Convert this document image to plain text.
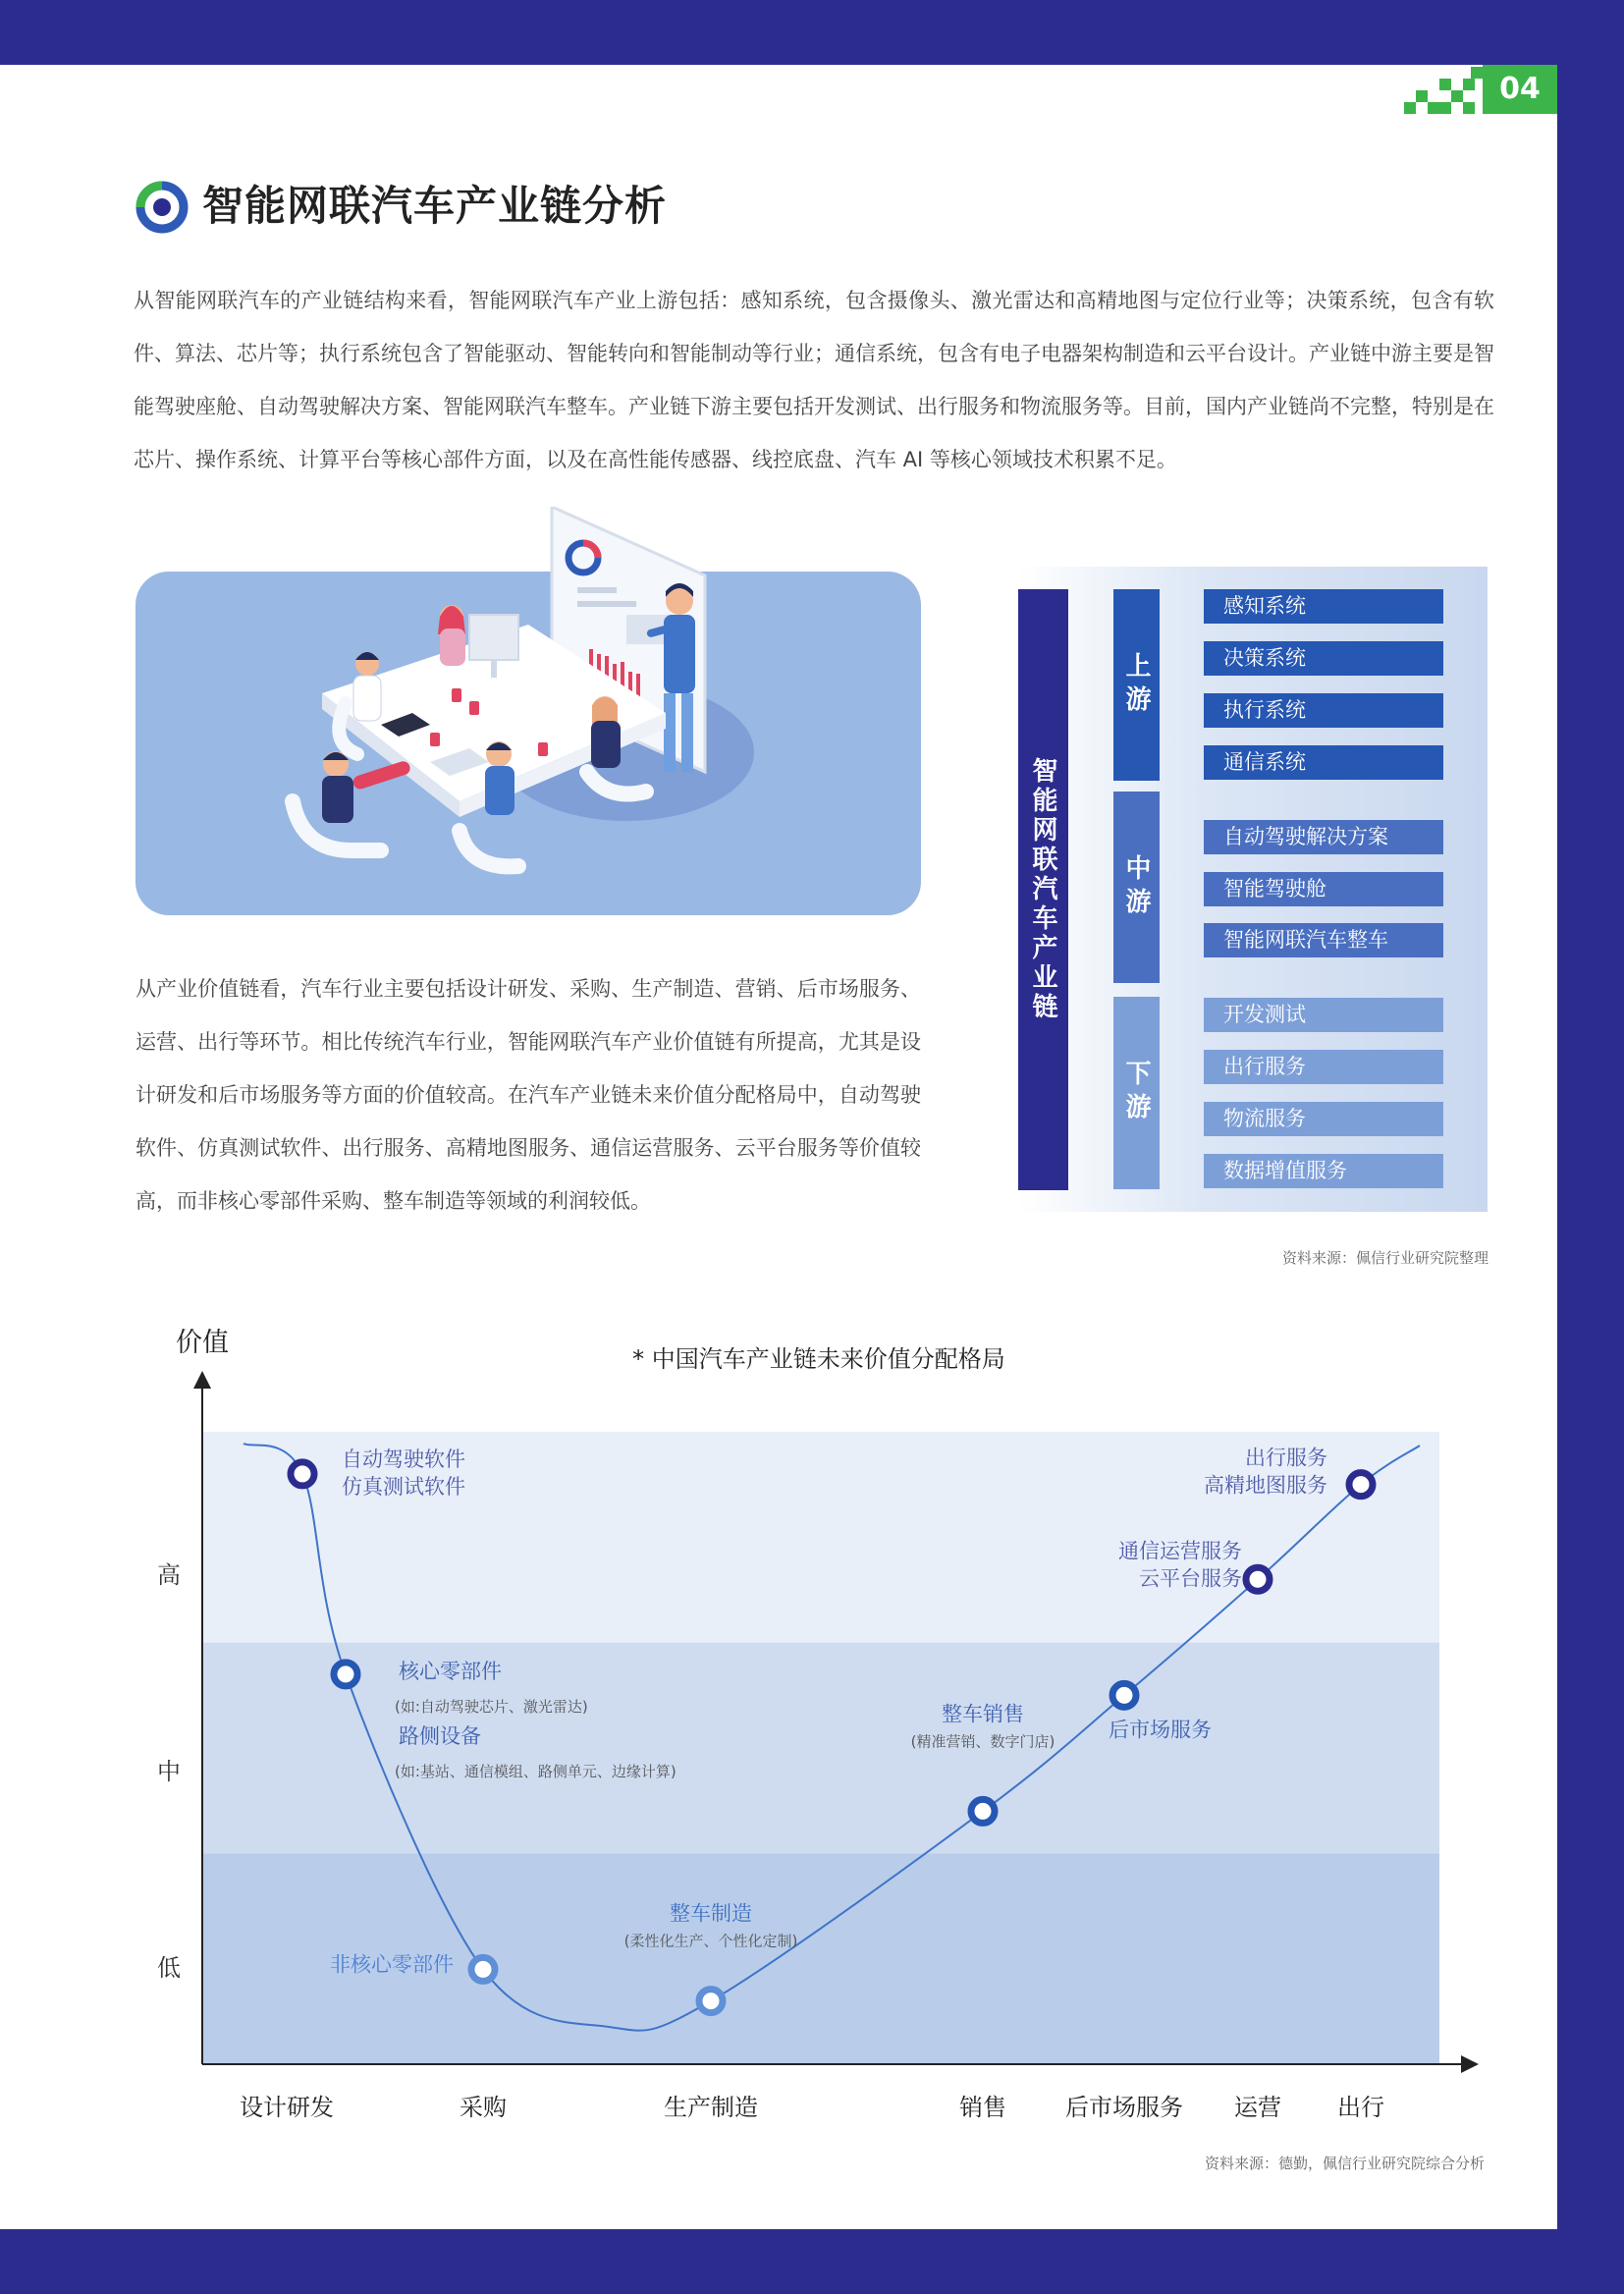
04
智能网联汽车产业链分析

从智能网联汽车的产业链结构来看，智能网联汽车产业上游包括：感知系统，包含摄像头、激光雷达和高精地图与定位行业等；决策系统，包含有软件、算法、芯片等；执行系统包含了智能驱动、智能转向和智能制动等行业；通信系统，包含有电子电器架构制造和云平台设计。产业链中游主要是智能驾驶座舱、自动驾驶解决方案、智能网联汽车整车。产业链下游主要包括开发测试、出行服务和物流服务等。目前，国内产业链尚不完整，特别是在芯片、操作系统、计算平台等核心部件方面，以及在高性能传感器、线控底盘、汽车 AI 等核心领域技术积累不足。

从产业价值链看，汽车行业主要包括设计研发、采购、生产制造、营销、后市场服务、运营、出行等环节。相比传统汽车行业，智能网联汽车产业价值链有所提高，尤其是设计研发和后市场服务等方面的价值较高。在汽车产业链未来价值分配格局中，自动驾驶软件、仿真测试软件、出行服务、高精地图服务、通信运营服务、云平台服务等价值较高，而非核心零部件采购、整车制造等领域的利润较低。

智能网联汽车产业链
上游
中游
下游
感知系统
决策系统
执行系统
通信系统
自动驾驶解决方案
智能驾驶舱
智能网联汽车整车
开发测试
出行服务
物流服务
数据增值服务
资料来源：佩信行业研究院整理
低
中
高
价值
* 中国汽车产业链未来价值分配格局
设计研发	采购	生产制造	销售	后市场服务 运营 出行
自动驾驶软件
仿真测试软件
核心零部件
(如:自动驾驶芯片、激光雷达)
路侧设备
(如:基站、通信模组、路侧单元、边缘计算)
非核心零部件
整车制造
(柔性化生产、个性化定制)
整车销售
(精准营销、数字门店)
后市场服务
通信运营服务
云平台服务
出行服务
高精地图服务
资料来源：德勤，佩信行业研究院综合分析
